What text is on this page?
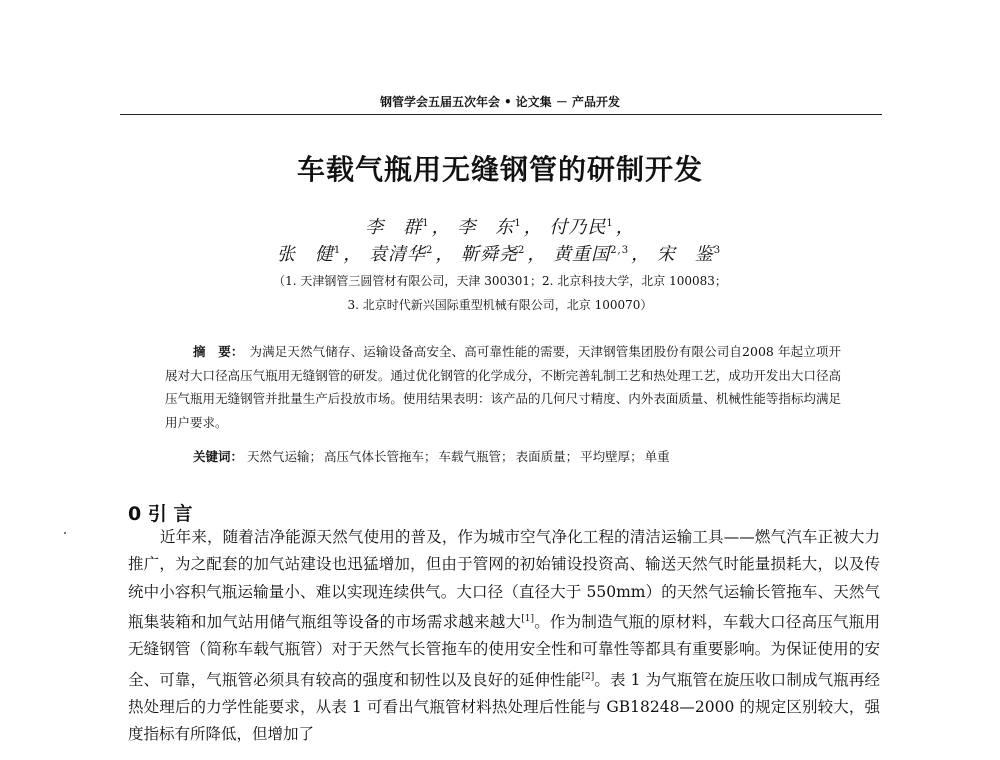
钢管学会五届五次年会 • 论文集 － 产品开发
车载气瓶用无缝钢管的研制开发
李　群$^1$ ， 李　东$^1$ ， 付乃民$^1$ ，
张　健$^1$ ， 袁清华$^2$ ， 靳舜尧$^2$ ， 黄重国$^{2,3}$ ， 宋　鉴$^3$
（1. 天津钢管三圆管材有限公司，天津 300301；2. 北京科技大学，北京 100083；
3. 北京时代新兴国际重型机械有限公司，北京 100070）
摘　要： 为满足天然气储存、运输设备高安全、高可靠性能的需要，天津钢管集团股份有限公司自2008 年起立项开展对大口径高压气瓶用无缝钢管的研发。通过优化钢管的化学成分，不断完善轧制工艺和热处理工艺，成功开发出大口径高压气瓶用无缝钢管并批量生产后投放市场。使用结果表明：该产品的几何尺寸精度、内外表面质量、机械性能等指标均满足用户要求。
关键词： 天然气运输； 高压气体长管拖车； 车载气瓶管； 表面质量； 平均壁厚； 单重
0 引 言
近年来，随着洁净能源天然气使用的普及，作为城市空气净化工程的清洁运输工具——燃气汽车正被大力推广，为之配套的加气站建设也迅猛增加，但由于管网的初始铺设投资高、输送天然气时能量损耗大，以及传统中小容积气瓶运输量小、难以实现连续供气。大口径（直径大于 550mm）的天然气运输长管拖车、天然气瓶集装箱和加气站用储气瓶组等设备的市场需求越来越大[1]。作为制造气瓶的原材料，车载大口径高压气瓶用无缝钢管（简称车载气瓶管）对于天然气长管拖车的使用安全性和可靠性等都具有重要影响。为保证使用的安全、可靠，气瓶管必须具有较高的强度和韧性以及良好的延伸性能[2]。表 1 为气瓶管在旋压收口制成气瓶再经热处理后的力学性能要求，从表 1 可看出气瓶管材料热处理后性能与 GB18248—2000 的规定区别较大，强度指标有所降低，但增加了
